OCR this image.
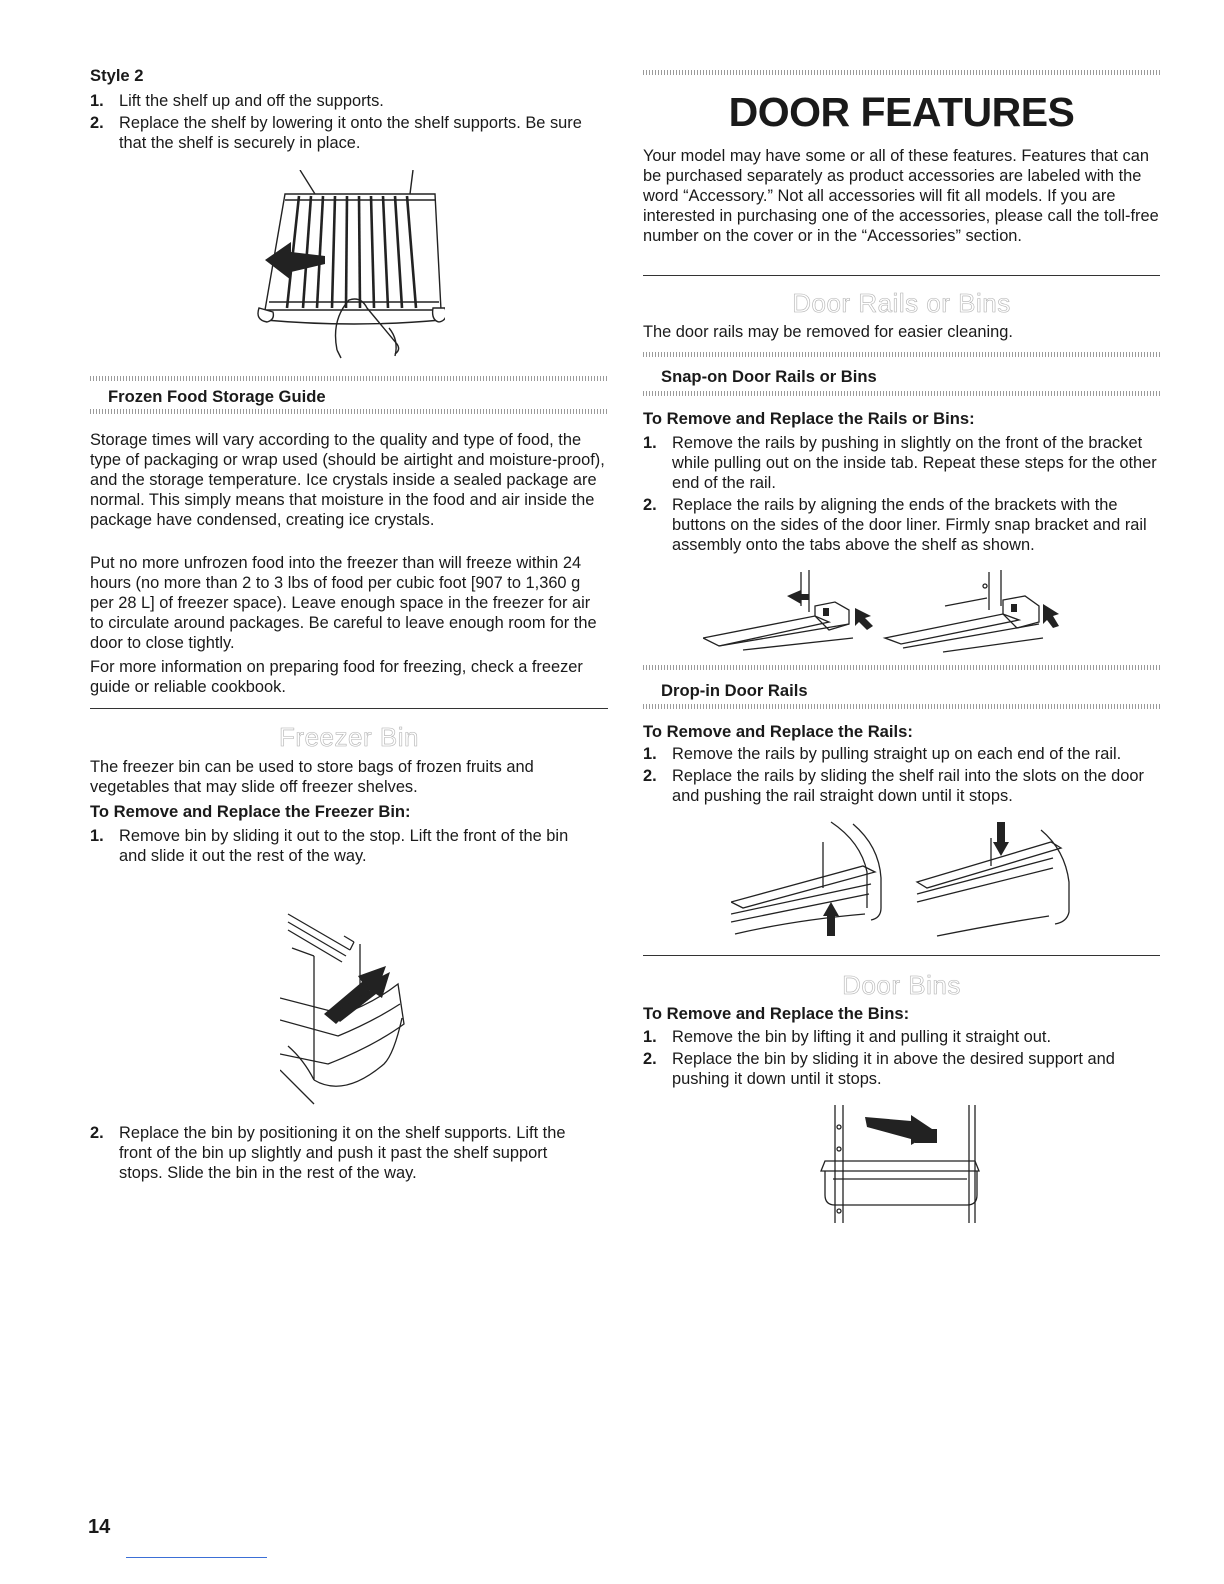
Style 2
1. Lift the shelf up and off the supports.
2. Replace the shelf by lowering it onto the shelf supports. Be sure that the shelf is securely in place.
Frozen Food Storage Guide

Storage times will vary according to the quality and type of food, the type of packaging or wrap used (should be airtight and moisture-proof), and the storage temperature. Ice crystals inside a sealed package are normal. This simply means that moisture in the food and air inside the package have condensed, creating ice crystals.

Put no more unfrozen food into the freezer than will freeze within 24 hours (no more than 2 to 3 lbs of food per cubic foot [907 to 1,360 g per 28 L] of freezer space). Leave enough space in the freezer for air to circulate around packages. Be careful to leave enough room for the door to close tightly.

For more information on preparing food for freezing, check a freezer guide or reliable cookbook.

Freezer Bin

The freezer bin can be used to store bags of frozen fruits and vegetables that may slide off freezer shelves.

To Remove and Replace the Freezer Bin:
1. Remove bin by sliding it out to the stop. Lift the front of the bin and slide it out the rest of the way.
2. Replace the bin by positioning it on the shelf supports. Lift the front of the bin up slightly and push it past the shelf support stops. Slide the bin in the rest of the way.
14
DOOR FEATURES

Your model may have some or all of these features. Features that can be purchased separately as product accessories are labeled with the word “Accessory.” Not all accessories will fit all models. If you are interested in purchasing one of the accessories, please call the toll-free number on the cover or in the “Accessories” section.

Door Rails or Bins

The door rails may be removed for easier cleaning.

Snap-on Door Rails or Bins
To Remove and Replace the Rails or Bins:
1. Remove the rails by pushing in slightly on the front of the bracket while pulling out on the inside tab. Repeat these steps for the other end of the rail.
2. Replace the rails by aligning the ends of the brackets with the buttons on the sides of the door liner. Firmly snap bracket and rail assembly onto the tabs above the shelf as shown.
Drop-in Door Rails
To Remove and Replace the Rails:
1. Remove the rails by pulling straight up on each end of the rail.
2. Replace the rails by sliding the shelf rail into the slots on the door and pushing the rail straight down until it stops.
Door Bins
To Remove and Replace the Bins:
1. Remove the bin by lifting it and pulling it straight out.
2. Replace the bin by sliding it in above the desired support and pushing it down until it stops.
